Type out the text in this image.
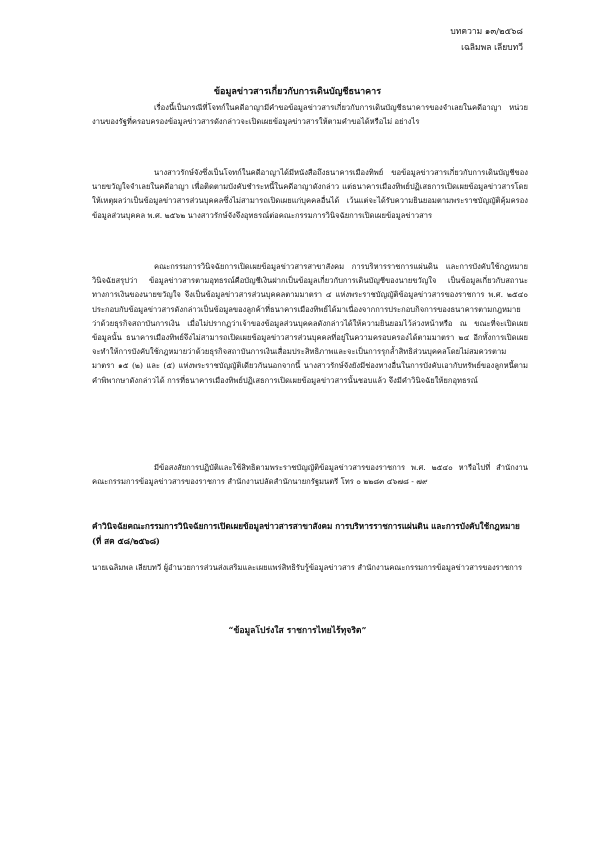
บทความ ๑๓/๒๕๖๘
เฉลิมพล เลียบทวี
ข้อมูลข่าวสารเกี่ยวกับการเดินบัญชีธนาคาร

เรื่องนี้เป็นกรณีที่โจทก์ในคดีอาญามีคำขอข้อมูลข่าวสารเกี่ยวกับการเดินบัญชีธนาคารของจำเลยในคดีอาญา หน่วยงานของรัฐที่ครอบครองข้อมูลข่าวสารดังกล่าวจะเปิดเผยข้อมูลข่าวสารให้ตามคำขอได้หรือไม่ อย่างไร

นางสาวรักษ์จังซึ่งเป็นโจทก์ในคดีอาญาได้มีหนังสือถึงธนาคารเมืองทิพย์ ขอข้อมูลข่าวสารเกี่ยวกับการเดินบัญชีของนายขวัญใจจำเลยในคดีอาญา เพื่อติดตามบังคับชำระหนี้ในคดีอาญาดังกล่าว แต่ธนาคารเมืองทิพย์ปฏิเสธการเปิดเผยข้อมูลข่าวสารโดยให้เหตุผลว่าเป็นข้อมูลข่าวสารส่วนบุคคลซึ่งไม่สามารถเปิดเผยแก่บุคคลอื่นได้ เว้นแต่จะได้รับความยินยอมตามพระราชบัญญัติคุ้มครองข้อมูลส่วนบุคคล พ.ศ. ๒๕๖๒ นางสาวรักษ์จังจึงอุทธรณ์ต่อคณะกรรมการวินิจฉัยการเปิดเผยข้อมูลข่าวสาร

คณะกรรมการวินิจฉัยการเปิดเผยข้อมูลข่าวสารสาขาสังคม การบริหารราชการแผ่นดิน และการบังคับใช้กฎหมายวินิจฉัยสรุปว่า ข้อมูลข่าวสารตามอุทธรณ์คือบัญชีเงินฝากเป็นข้อมูลเกี่ยวกับการเดินบัญชีของนายขวัญใจ เป็นข้อมูลเกี่ยวกับสถานะทางการเงินของนายขวัญใจ จึงเป็นข้อมูลข่าวสารส่วนบุคคลตามมาตรา ๔ แห่งพระราชบัญญัติข้อมูลข่าวสารของราชการ พ.ศ. ๒๕๔๐ ประกอบกับข้อมูลข่าวสารดังกล่าวเป็นข้อมูลของลูกค้าที่ธนาคารเมืองทิพย์ได้มาเนื่องจากการประกอบกิจการของธนาคารตามกฎหมายว่าด้วยธุรกิจสถาบันการเงิน เมื่อไม่ปรากฏว่าเจ้าของข้อมูลส่วนบุคคลดังกล่าวได้ให้ความยินยอมไว้ล่วงหน้าหรือ ณ ขณะที่จะเปิดเผยข้อมูลนั้น ธนาคารเมืองทิพย์จึงไม่สามารถเปิดเผยข้อมูลข่าวสารส่วนบุคคลที่อยู่ในความครอบครองได้ตามมาตรา ๒๔ อีกทั้งการเปิดเผยจะทำให้การบังคับใช้กฎหมายว่าด้วยธุรกิจสถาบันการเงินเสื่อมประสิทธิภาพและจะเป็นการรุกล้ำสิทธิส่วนบุคคลโดยไม่สมควรตามมาตรา ๑๕ (๒) และ (๕) แห่งพระราชบัญญัติเดียวกันนอกจากนี้ นางสาวรักษ์จังยังมีช่องทางอื่นในการบังคับเอากับทรัพย์ของลูกหนี้ตามคำพิพากษาดังกล่าวได้ การที่ธนาคารเมืองทิพย์ปฏิเสธการเปิดเผยข้อมูลข่าวสารนั้นชอบแล้ว จึงมีคำวินิจฉัยให้ยกอุทธรณ์

มีข้อสงสัยการปฏิบัติและใช้สิทธิตามพระราชบัญญัติข้อมูลข่าวสารของราชการ พ.ศ. ๒๕๔๐ หารือไปที่ สำนักงานคณะกรรมการข้อมูลข่าวสารของราชการ สำนักงานปลัดสำนักนายกรัฐมนตรี โทร ๐ ๒๒๘๓ ๔๖๗๘ - ๗๙

คำวินิจฉัยคณะกรรมการวินิจฉัยการเปิดเผยข้อมูลข่าวสารสาขาสังคม การบริหารราชการแผ่นดิน และการบังคับใช้กฎหมาย (ที่ สค ๕๘/๒๕๖๘)

นายเฉลิมพล เลียบทวี ผู้อำนวยการส่วนส่งเสริมและเผยแพร่สิทธิรับรู้ข้อมูลข่าวสาร สำนักงานคณะกรรมการข้อมูลข่าวสารของราชการ

“ข้อมูลโปร่งใส ราชการไทยไร้ทุจริต”
